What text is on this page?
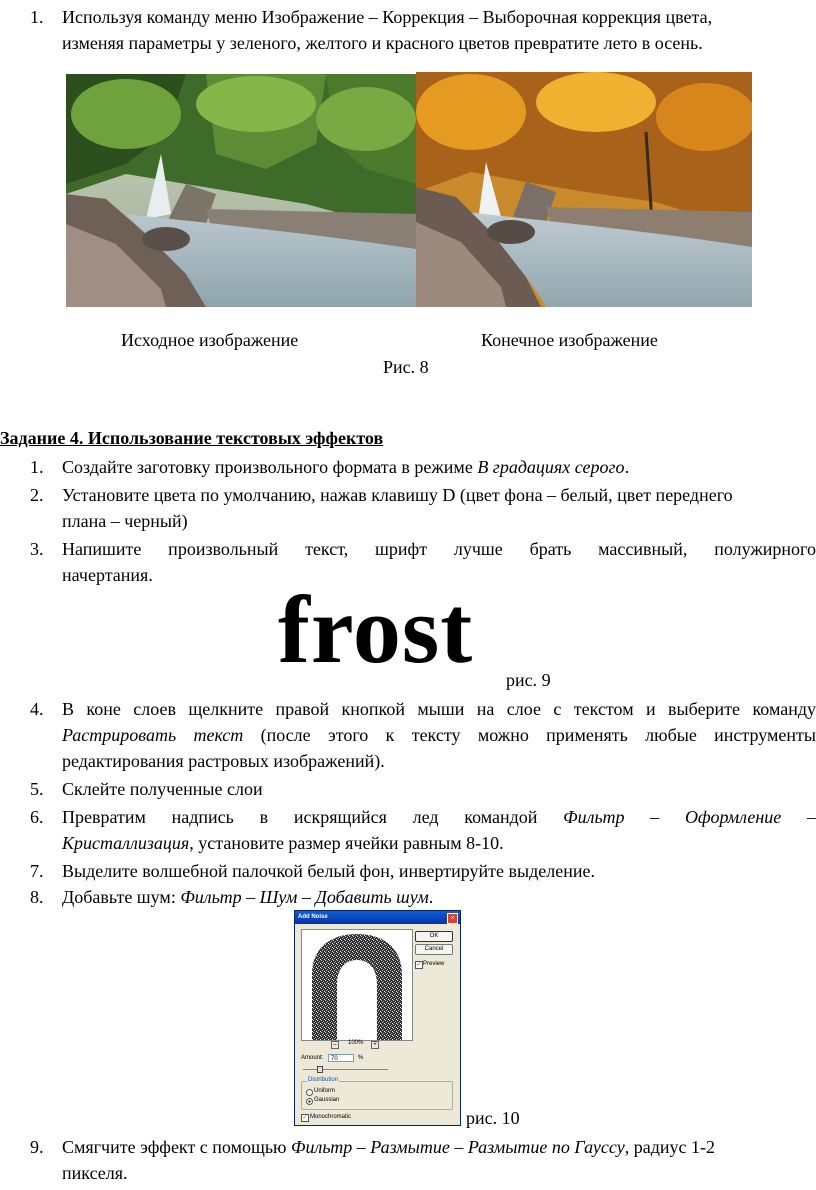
1. Используя команду меню Изображение – Коррекция – Выборочная коррекция цвета,
изменяя параметры у зеленого, желтого и красного цветов превратите лето в осень.
Исходное изображение	Конечное изображение
Рис. 8
Задание 4. Использование текстовых эффектов
1. Создайте заготовку произвольного формата в режиме В градациях серого.
2. Установите цвета по умолчанию, нажав клавишу D (цвет фона – белый, цвет переднего
плана – черный)
3. Напишите произвольный текст, шрифт лучше брать массивный, полужирного
начертания.
frost рис. 9
4. В коне слоев щелкните правой кнопкой мыши на слое с текстом и выберите команду
Растрировать текст (после этого к тексту можно применять любые инструменты
редактирования растровых изображений).
5. Склейте полученные слои
6. Превратим надпись в искрящийся лед командой Фильтр – Оформление –
Кристаллизация, установите размер ячейки равным 8-10.
7. Выделите волшебной палочкой белый фон, инвертируйте выделение.
8. Добавьте шум: Фильтр – Шум – Добавить шум.
Add Noise	×
–	100%	+
OK
Cancel
✓ Preview
Amount:	70	%
Distribution
Uniform
Gaussian
✓ Monochromatic	рис. 10
9. Смягчите эффект с помощью Фильтр – Размытие – Размытие по Гауссу, радиус 1-2
пикселя.
